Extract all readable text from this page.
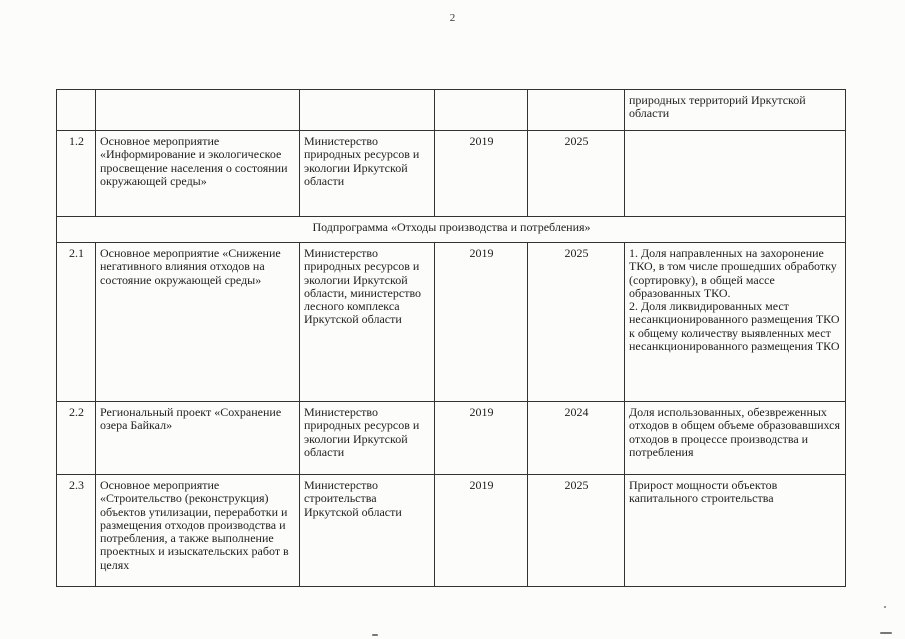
2
					природных территорий Иркутской области
1.2	Основное мероприятие «Информирование и экологическое просвещение населения о состоянии окружающей среды»	Министерство природных ресурсов и экологии Иркутской области	2019	2025	
Подпрограмма «Отходы производства и потребления»					
2.1	Основное мероприятие «Снижение негативного влияния отходов на состояние окружающей среды»	Министерство природных ресурсов и экологии Иркутской области, министерство лесного комплекса Иркутской области	2019	2025	1. Доля направленных на захоронение ТКО, в том числе прошедших обработку (сортировку), в общей массе образованных ТКО.
2. Доля ликвидированных мест несанкционированного размещения ТКО к общему количеству выявленных мест несанкционированного размещения ТКО
2.2	Региональный проект «Сохранение озера Байкал»	Министерство природных ресурсов и экологии Иркутской области	2019	2024	Доля использованных, обезвреженных отходов в общем объеме образовавшихся отходов в процессе производства и потребления
2.3	Основное мероприятие «Строительство (реконструкция) объектов утилизации, переработки и размещения отходов производства и потребления, а также выполнение проектных и изыскательских работ в целях	Министерство строительства Иркутской области	2019	2025	Прирост мощности объектов капитального строительства
